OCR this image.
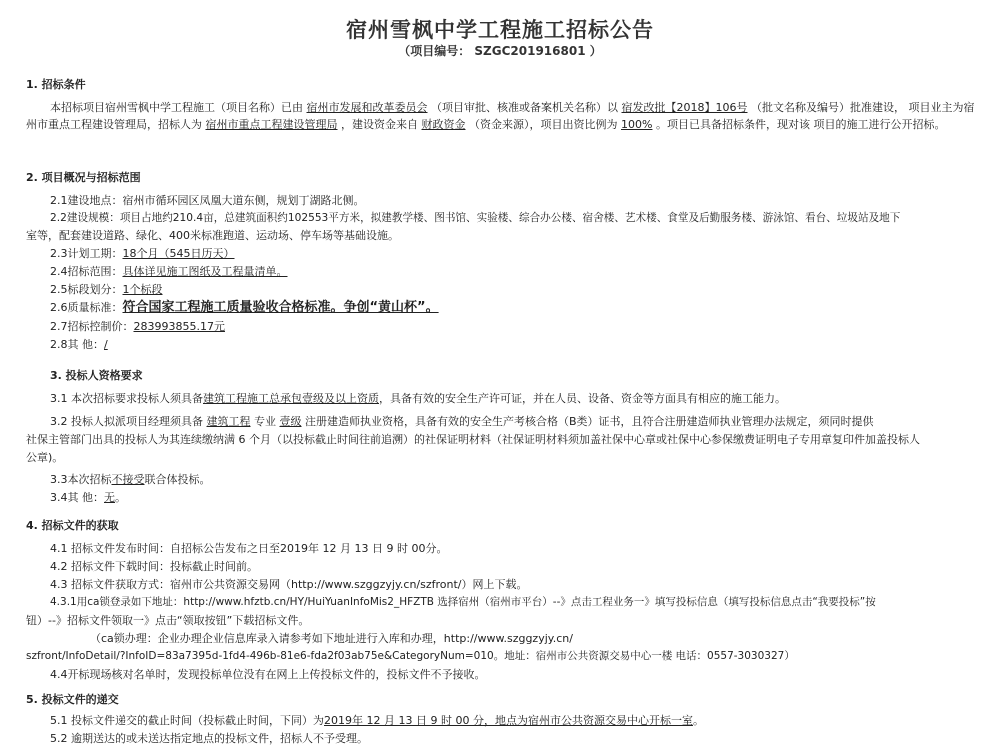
宿州雪枫中学工程施工招标公告
（项目编号： SZGC201916801 ）
1. 招标条件
本招标项目宿州雪枫中学工程施工（项目名称）已由 宿州市发展和改革委员会 （项目审批、核准或备案机关名称）以 宿发改批【2018】106号 （批文名称及编号）批准建设， 项目业主为宿州市重点工程建设管理局，招标人为 宿州市重点工程建设管理局 ，建设资金来自 财政资金 （资金来源），项目出资比例为 100% 。项目已具备招标条件，现对该 项目的施工进行公开招标。
2. 项目概况与招标范围
2.1建设地点：宿州市循环园区凤凰大道东侧，规划丁湖路北侧。
2.2建设规模：项目占地约210.4亩，总建筑面积约102553平方米，拟建教学楼、图书馆、实验楼、综合办公楼、宿舍楼、艺术楼、食堂及后勤服务楼、游泳馆、看台、垃圾站及地下
室等，配套建设道路、绿化、400米标准跑道、运动场、停车场等基础设施。
2.3计划工期：18个月（545日历天）
2.4招标范围：具体详见施工图纸及工程量清单。
2.5标段划分：1个标段
2.6质量标准：符合国家工程施工质量验收合格标准。争创“黄山杯”。
2.7招标控制价：283993855.17元
2.8其 他：/
3. 投标人资格要求
3.1 本次招标要求投标人须具备建筑工程施工总承包壹级及以上资质，具备有效的安全生产许可证，并在人员、设备、资金等方面具有相应的施工能力。
3.2 投标人拟派项目经理须具备 建筑工程 专业 壹级 注册建造师执业资格，具备有效的安全生产考核合格（B类）证书，且符合注册建造师执业管理办法规定，须同时提供
社保主管部门出具的投标人为其连续缴纳满 6 个月（以投标截止时间往前追溯）的社保证明材料（社保证明材料须加盖社保中心章或社保中心参保缴费证明电子专用章复印件加盖投标人
公章)。
3.3本次招标不接受联合体投标。
3.4其 他：无。
4. 招标文件的获取
4.1 招标文件发布时间：自招标公告发布之日至2019年 12 月 13 日 9 时 00分。
4.2 招标文件下载时间：投标截止时间前。
4.3 招标文件获取方式：宿州市公共资源交易网（http://www.szggzyjy.cn/szfront/）网上下载。
4.3.1用ca锁登录如下地址：http://www.hfztb.cn/HY/HuiYuanInfoMis2_HFZTB 选择宿州（宿州市平台）--》点击工程业务一》填写投标信息（填写投标信息点击“我要投标”按
钮）--》招标文件领取一》点击“领取按钮”下载招标文件。
（ca锁办理：企业办理企业信息库录入请参考如下地址进行入库和办理，http://www.szggzyjy.cn/
szfront/InfoDetail/?InfoID=83a7395d-1fd4-496b-81e6-fda2f03ab75e&CategoryNum=010。地址：宿州市公共资源交易中心一楼 电话：0557-3030327）
4.4开标现场核对名单时，发现投标单位没有在网上上传投标文件的，投标文件不予接收。
5. 投标文件的递交
5.1 投标文件递交的截止时间（投标截止时间，下同）为2019年 12 月 13 日 9 时 00 分，地点为宿州市公共资源交易中心开标一室。
5.2 逾期送达的或未送达指定地点的投标文件，招标人不予受理。
